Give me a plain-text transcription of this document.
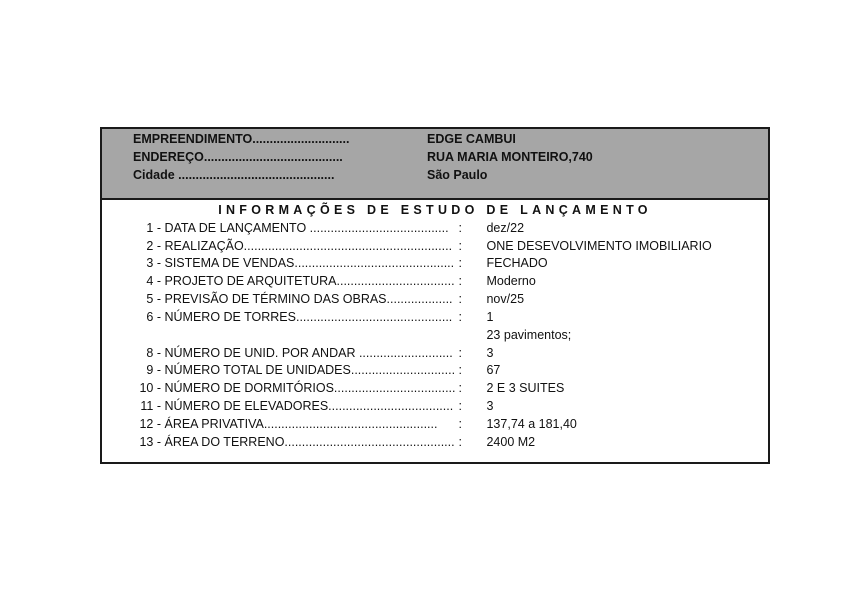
EMPREENDIMENTO............................	EDGE CAMBUI
ENDEREÇO........................................	RUA MARIA MONTEIRO,740
Cidade .............................................	São Paulo
INFORMAÇÕES DE ESTUDO DE LANÇAMENTO
1 - DATA DE LANÇAMENTO ........................................ : dez/22
2 - REALIZAÇÃO............................................................ : ONE DESEVOLVIMENTO IMOBILIARIO
3 - SISTEMA DE VENDAS.............................................. : FECHADO
4 - PROJETO DE ARQUITETURA.................................. : Moderno
5 - PREVISÃO DE TÉRMINO DAS OBRAS................... : nov/25
6 - NÚMERO DE TORRES............................................. : 1
23 pavimentos;
8 - NÚMERO DE UNID. POR ANDAR ........................... : 3
9 - NÚMERO TOTAL DE UNIDADES.............................. : 67
10 - NÚMERO DE DORMITÓRIOS................................... : 2 E 3 SUITES
11 - NÚMERO DE ELEVADORES.................................... : 3
12 - ÁREA PRIVATIVA.................................................. : 137,74 a 181,40
13 - ÁREA DO TERRENO................................................. : 2400 M2
